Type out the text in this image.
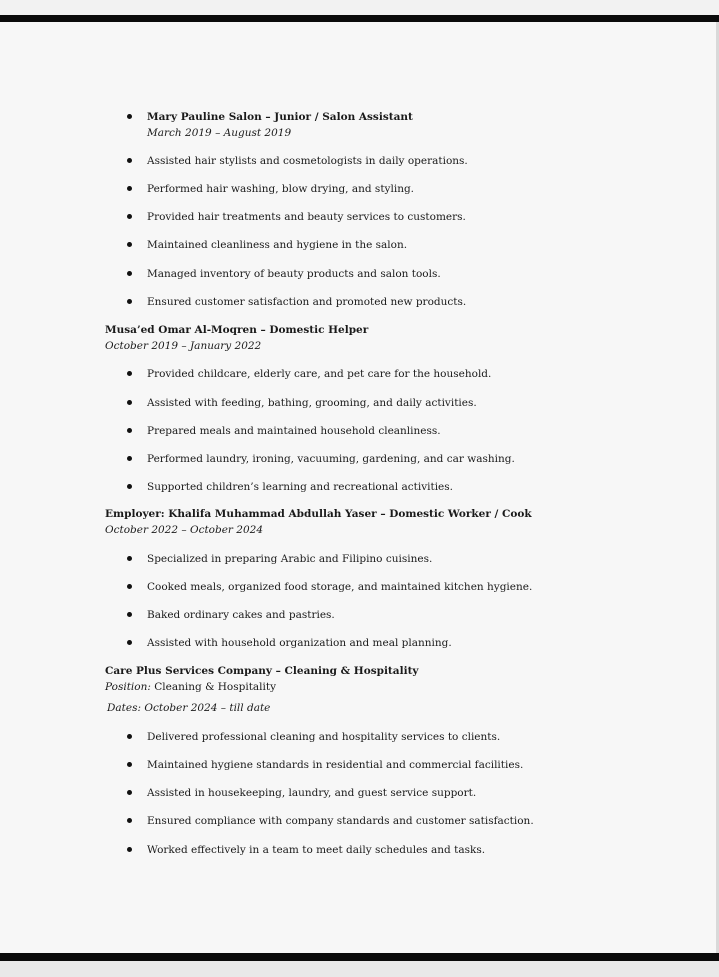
Mary Pauline Salon – Junior / Salon Assistant
March 2019 – August 2019
Assisted hair stylists and cosmetologists in daily operations.
Performed hair washing, blow drying, and styling.
Provided hair treatments and beauty services to customers.
Maintained cleanliness and hygiene in the salon.
Managed inventory of beauty products and salon tools.
Ensured customer satisfaction and promoted new products.
Musa’ed Omar Al-Moqren – Domestic Helper
October 2019 – January 2022
Provided childcare, elderly care, and pet care for the household.
Assisted with feeding, bathing, grooming, and daily activities.
Prepared meals and maintained household cleanliness.
Performed laundry, ironing, vacuuming, gardening, and car washing.
Supported children’s learning and recreational activities.
Employer: Khalifa Muhammad Abdullah Yaser – Domestic Worker / Cook
October 2022 – October 2024
Specialized in preparing Arabic and Filipino cuisines.
Cooked meals, organized food storage, and maintained kitchen hygiene.
Baked ordinary cakes and pastries.
Assisted with household organization and meal planning.
Care Plus Services Company – Cleaning & Hospitality
Position: Cleaning & Hospitality
Dates: October 2024 – till date
Delivered professional cleaning and hospitality services to clients.
Maintained hygiene standards in residential and commercial facilities.
Assisted in housekeeping, laundry, and guest service support.
Ensured compliance with company standards and customer satisfaction.
Worked effectively in a team to meet daily schedules and tasks.
